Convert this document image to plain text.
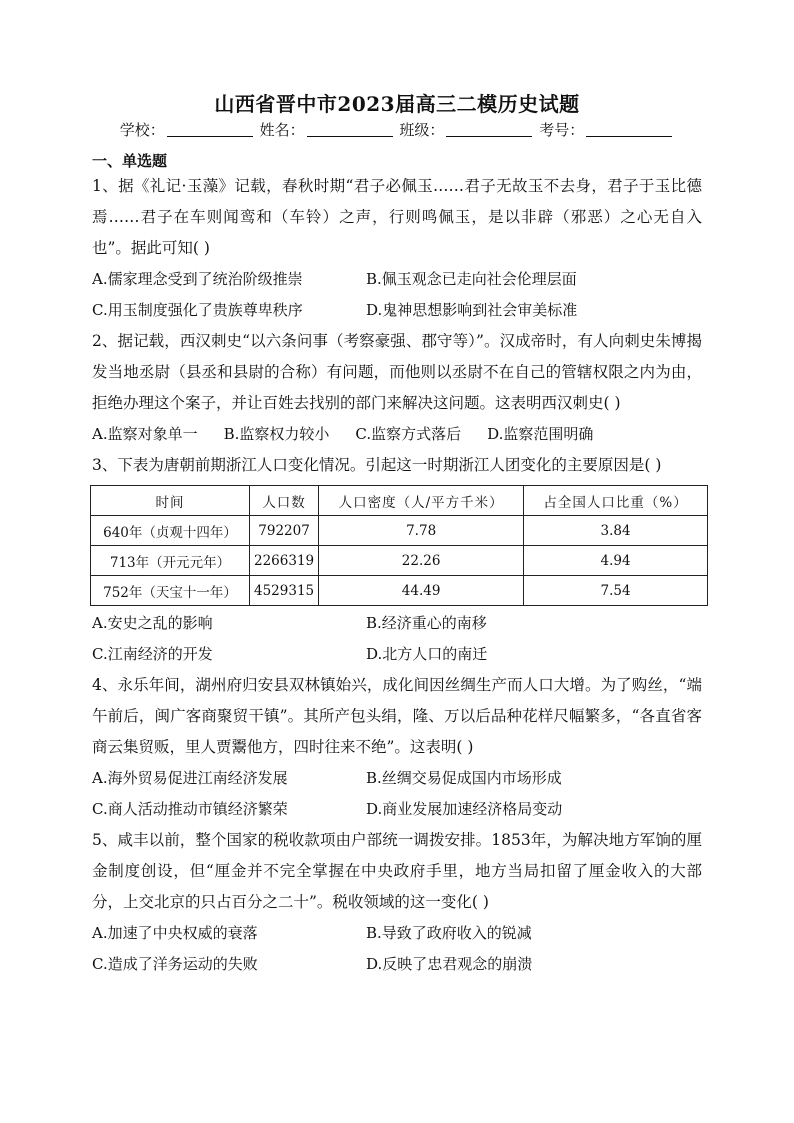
山西省晋中市2023届高三二模历史试题
学校：	姓名：	班级：	考号：
一、单选题
1、据《礼记·玉藻》记载，春秋时期“君子必佩玉……君子无故玉不去身，君子于玉比德焉……君子在车则闻鸾和（车铃）之声，行则鸣佩玉，是以非辟（邪恶）之心无自入也”。据此可知( )
A.儒家理念受到了统治阶级推崇	B.佩玉观念已走向社会伦理层面
C.用玉制度强化了贵族尊卑秩序	D.鬼神思想影响到社会审美标准
2、据记载，西汉刺史“以六条问事（考察豪强、郡守等）”。汉成帝时，有人向刺史朱博揭发当地丞尉（县丞和县尉的合称）有问题，而他则以丞尉不在自己的管辖权限之内为由，拒绝办理这个案子，并让百姓去找别的部门来解决这问题。这表明西汉刺史( )
A.监察对象单一 B.监察权力较小 C.监察方式落后 D.监察范围明确
3、下表为唐朝前期浙江人口变化情况。引起这一时期浙江人团变化的主要原因是( )
时间	人口数	人口密度（人/平方千米）	占全国人口比重（%）
640年（贞观十四年）	792207	7.78	3.84
713年（开元元年）	2266319	22.26	4.94
752年（天宝十一年）	4529315	44.49	7.54
A.安史之乱的影响	B.经济重心的南移
C.江南经济的开发	D.北方人口的南迁
4、永乐年间，湖州府归安县双林镇始兴，成化间因丝绸生产而人口大增。为了购丝，“端午前后，闽广客商聚贸干镇”。其所产包头绢，隆、万以后品种花样尺幅繁多，“各直省客商云集贸贩，里人贾鬻他方，四时往来不绝”。这表明( )
A.海外贸易促进江南经济发展	B.丝绸交易促成国内市场形成
C.商人活动推动市镇经济繁荣	D.商业发展加速经济格局变动
5、咸丰以前，整个国家的税收款项由户部统一调拨安排。1853年，为解决地方军饷的厘金制度创设，但“厘金并不完全掌握在中央政府手里，地方当局扣留了厘金收入的大部分，上交北京的只占百分之二十”。税收领域的这一变化( )
A.加速了中央权威的衰落	B.导致了政府收入的锐减
C.造成了洋务运动的失败	D.反映了忠君观念的崩溃
